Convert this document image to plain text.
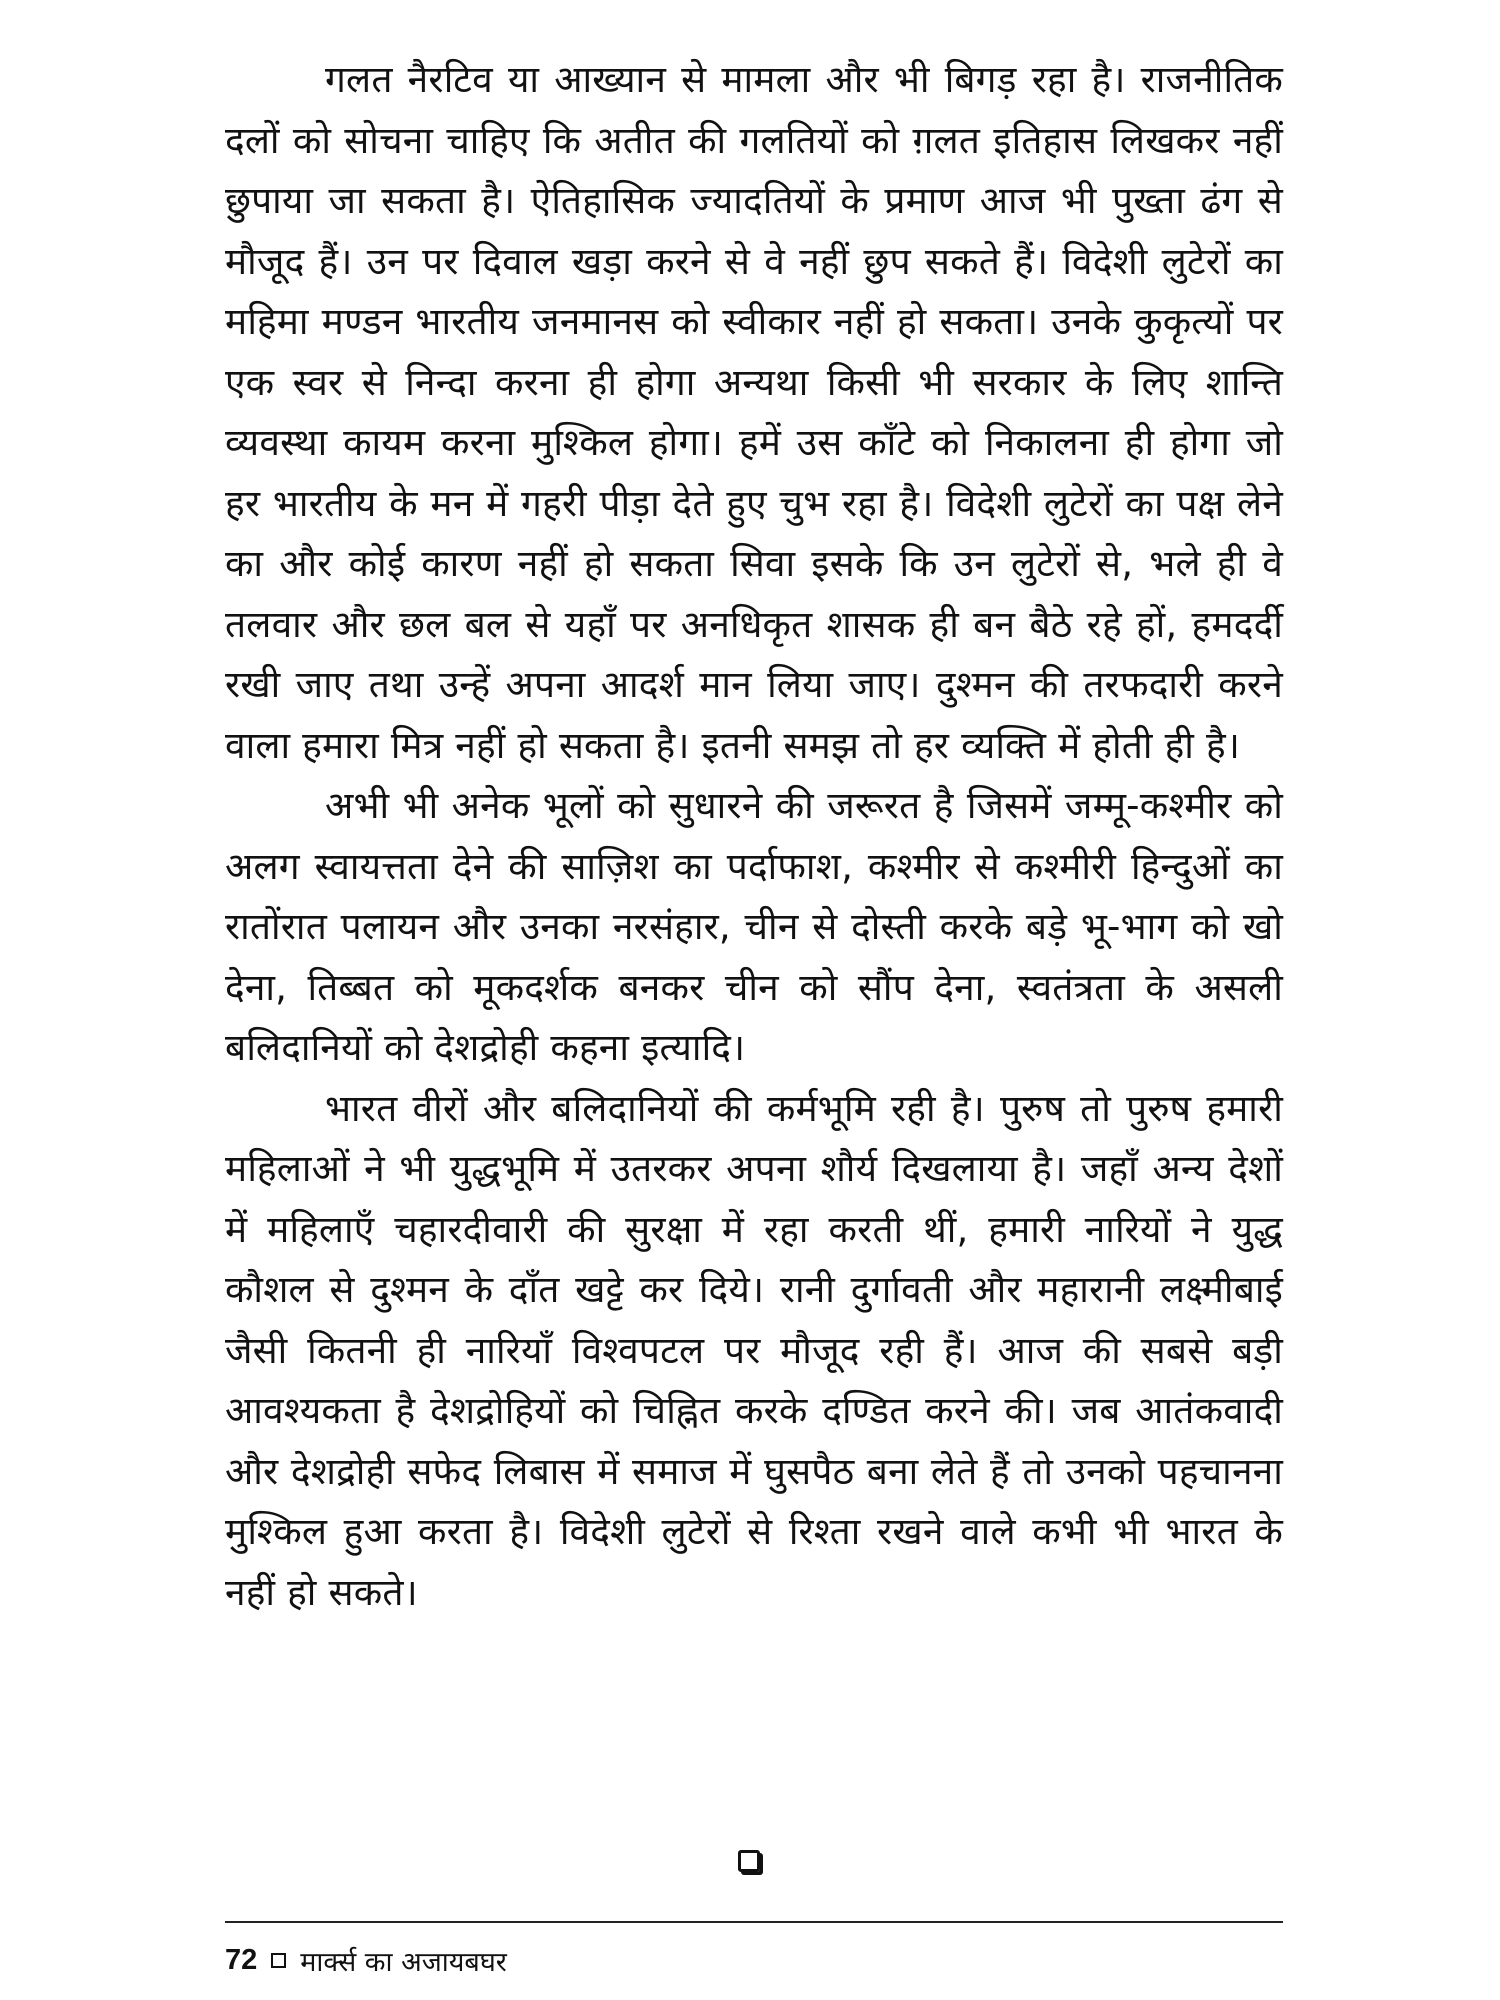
गलत नैरटिव या आख्यान से मामला और भी बिगड़ रहा है। राजनीतिक दलों को सोचना चाहिए कि अतीत की गलतियों को ग़लत इतिहास लिखकर नहीं छुपाया जा सकता है। ऐतिहासिक ज्यादतियों के प्रमाण आज भी पुख्ता ढंग से मौजूद हैं। उन पर दिवाल खड़ा करने से वे नहीं छुप सकते हैं। विदेशी लुटेरों का महिमा मण्डन भारतीय जनमानस को स्वीकार नहीं हो सकता। उनके कुकृत्यों पर एक स्वर से निन्दा करना ही होगा अन्यथा किसी भी सरकार के लिए शान्ति व्यवस्था कायम करना मुश्किल होगा। हमें उस काँटे को निकालना ही होगा जो हर भारतीय के मन में गहरी पीड़ा देते हुए चुभ रहा है। विदेशी लुटेरों का पक्ष लेने का और कोई कारण नहीं हो सकता सिवा इसके कि उन लुटेरों से, भले ही वे तलवार और छल बल से यहाँ पर अनधिकृत शासक ही बन बैठे रहे हों, हमदर्दी रखी जाए तथा उन्हें अपना आदर्श मान लिया जाए। दुश्मन की तरफदारी करने वाला हमारा मित्र नहीं हो सकता है। इतनी समझ तो हर व्यक्ति में होती ही है।

अभी भी अनेक भूलों को सुधारने की जरूरत है जिसमें जम्मू-कश्मीर को अलग स्वायत्तता देने की साज़िश का पर्दाफाश, कश्मीर से कश्मीरी हिन्दुओं का रातोंरात पलायन और उनका नरसंहार, चीन से दोस्ती करके बड़े भू-भाग को खो देना, तिब्बत को मूकदर्शक बनकर चीन को सौंप देना, स्वतंत्रता के असली बलिदानियों को देशद्रोही कहना इत्यादि।

भारत वीरों और बलिदानियों की कर्मभूमि रही है। पुरुष तो पुरुष हमारी महिलाओं ने भी युद्धभूमि में उतरकर अपना शौर्य दिखलाया है। जहाँ अन्य देशों में महिलाएँ चहारदीवारी की सुरक्षा में रहा करती थीं, हमारी नारियों ने युद्ध कौशल से दुश्मन के दाँत खट्टे कर दिये। रानी दुर्गावती और महारानी लक्ष्मीबाई जैसी कितनी ही नारियाँ विश्वपटल पर मौजूद रही हैं। आज की सबसे बड़ी आवश्यकता है देशद्रोहियों को चिह्नित करके दण्डित करने की। जब आतंकवादी और देशद्रोही सफेद लिबास में समाज में घुसपैठ बना लेते हैं तो उनको पहचानना मुश्किल हुआ करता है। विदेशी लुटेरों से रिश्ता रखने वाले कभी भी भारत के नहीं हो सकते।

72 मार्क्स का अजायबघर
